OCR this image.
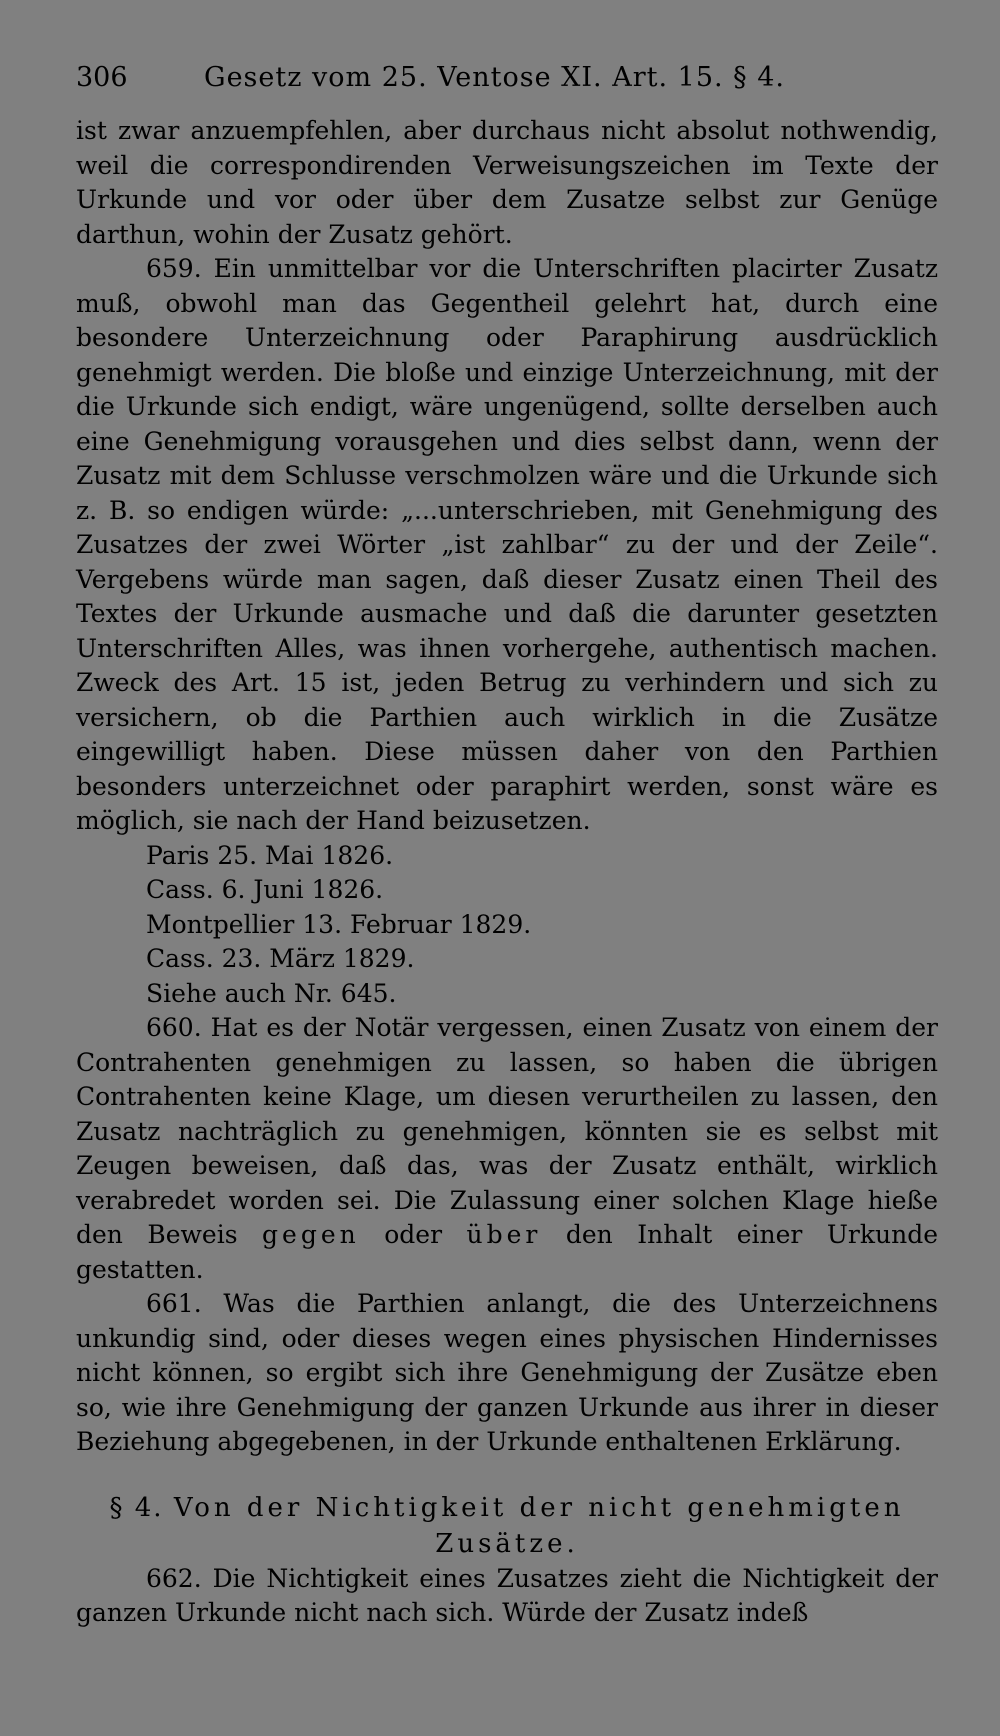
306	Gesetz vom 25. Ventose XI. Art. 15. § 4.

ist zwar anzuempfehlen, aber durchaus nicht absolut nothwendig, weil die correspondirenden Verweisungszeichen im Texte der Urkunde und vor oder über dem Zusatze selbst zur Genüge darthun, wohin der Zusatz gehört.

659. Ein unmittelbar vor die Unterschriften placirter Zusatz muß, obwohl man das Gegentheil gelehrt hat, durch eine besondere Unterzeichnung oder Paraphirung ausdrücklich genehmigt werden. Die bloße und einzige Unterzeichnung, mit der die Urkunde sich endigt, wäre ungenügend, sollte derselben auch eine Genehmigung vorausgehen und dies selbst dann, wenn der Zusatz mit dem Schlusse verschmolzen wäre und die Urkunde sich z. B. so endigen würde: „...unterschrieben, mit Genehmigung des Zusatzes der zwei Wörter „ist zahlbar“ zu der und der Zeile“. Vergebens würde man sagen, daß dieser Zusatz einen Theil des Textes der Urkunde ausmache und daß die darunter gesetzten Unterschriften Alles, was ihnen vorhergehe, authentisch machen. Zweck des Art. 15 ist, jeden Betrug zu verhindern und sich zu versichern, ob die Parthien auch wirklich in die Zusätze eingewilligt haben. Diese müssen daher von den Parthien besonders unterzeichnet oder paraphirt werden, sonst wäre es möglich, sie nach der Hand beizusetzen.

Paris 25. Mai 1826.

Cass. 6. Juni 1826.

Montpellier 13. Februar 1829.

Cass. 23. März 1829.

Siehe auch Nr. 645.

660. Hat es der Notär vergessen, einen Zusatz von einem der Contrahenten genehmigen zu lassen, so haben die übrigen Contrahenten keine Klage, um diesen verurtheilen zu lassen, den Zusatz nachträglich zu genehmigen, könnten sie es selbst mit Zeugen beweisen, daß das, was der Zusatz enthält, wirklich verabredet worden sei. Die Zulassung einer solchen Klage hieße den Beweis gegen oder über den Inhalt einer Urkunde gestatten.

661. Was die Parthien anlangt, die des Unterzeichnens unkundig sind, oder dieses wegen eines physischen Hindernisses nicht können, so ergibt sich ihre Genehmigung der Zusätze eben so, wie ihre Genehmigung der ganzen Urkunde aus ihrer in dieser Beziehung abgegebenen, in der Urkunde enthaltenen Erklärung.

§ 4. Von der Nichtigkeit der nicht genehmigten Zusätze.

662. Die Nichtigkeit eines Zusatzes zieht die Nichtigkeit der ganzen Urkunde nicht nach sich. Würde der Zusatz indeß
